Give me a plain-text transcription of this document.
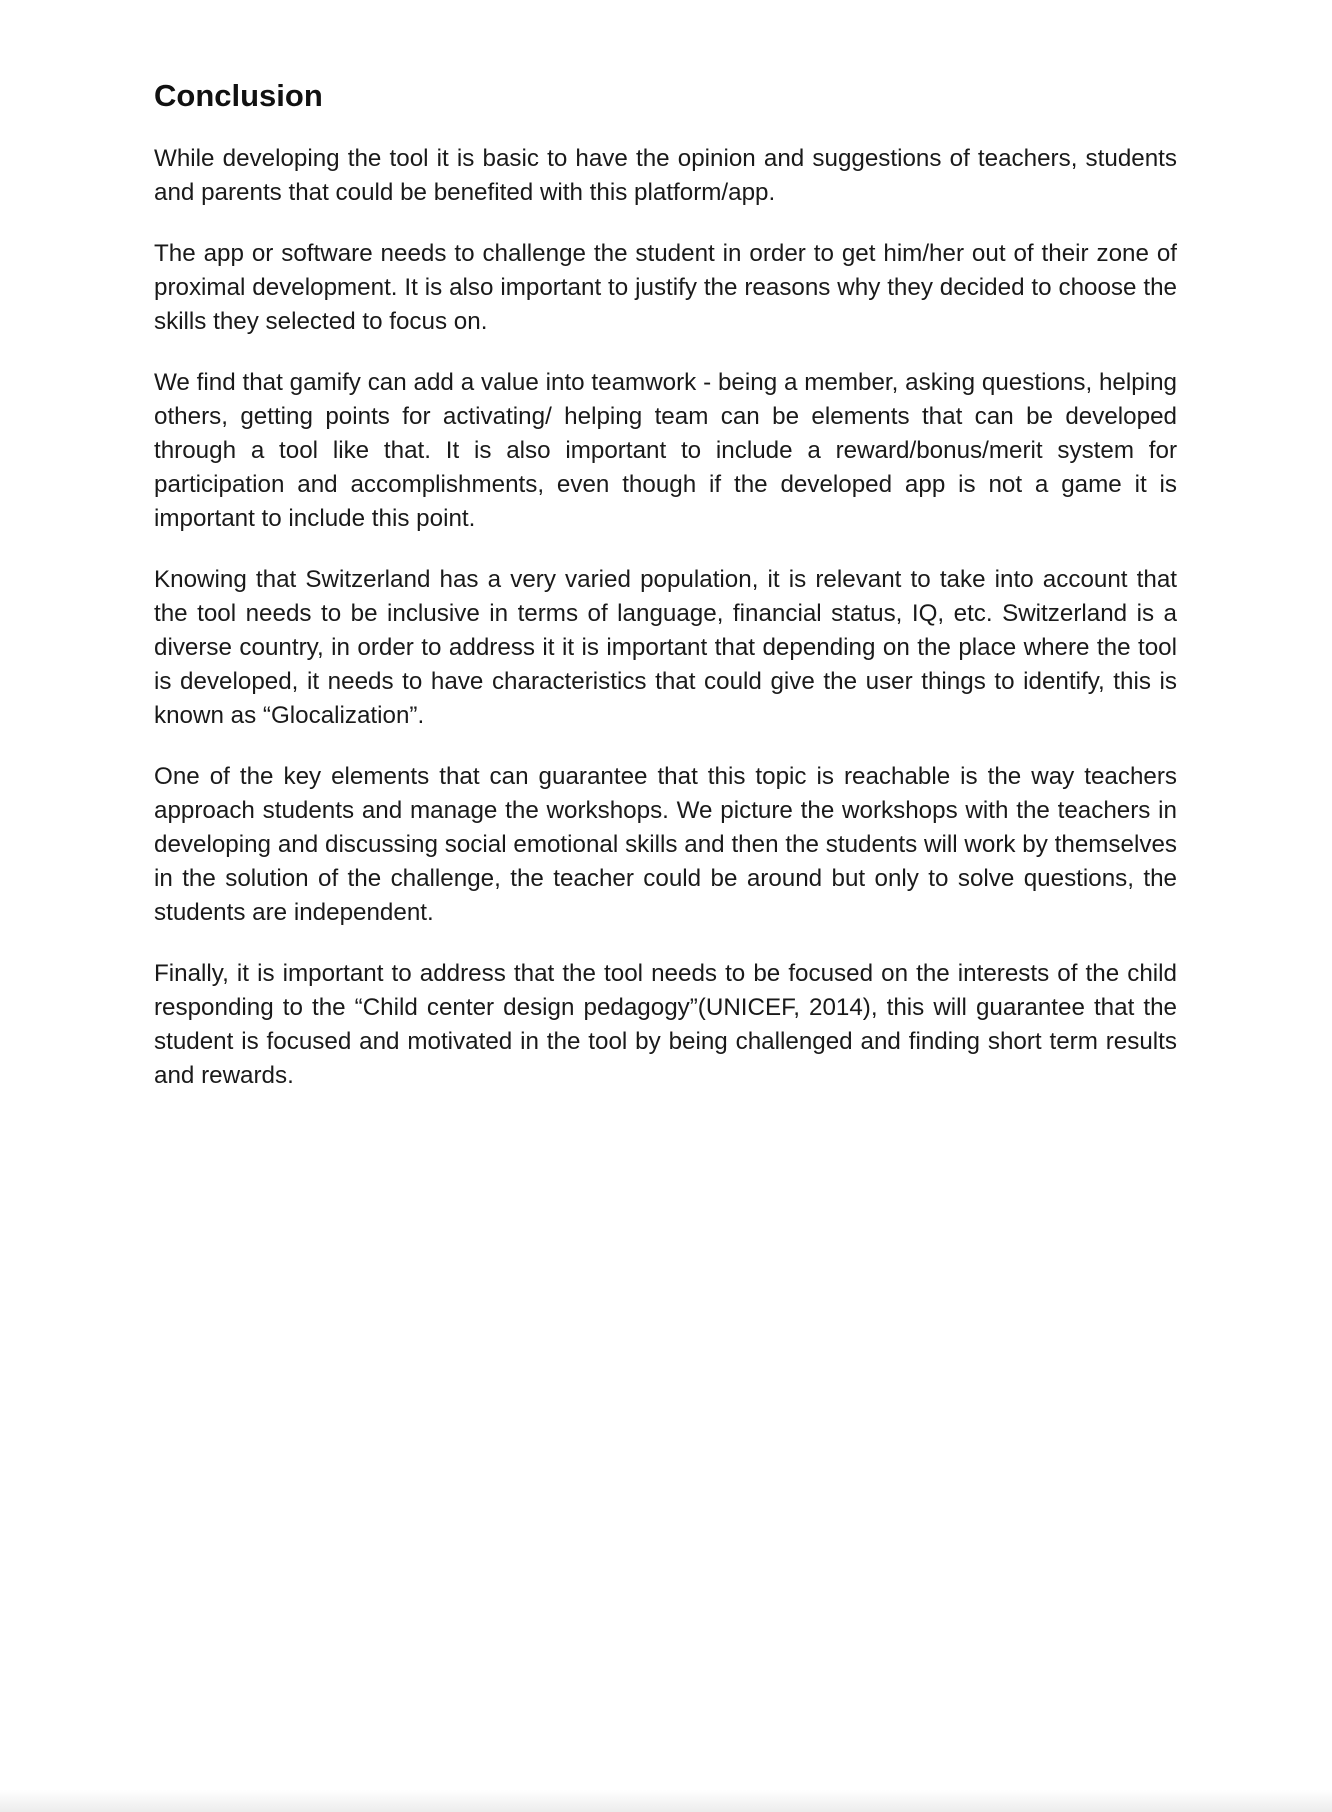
Conclusion

While developing the tool it is basic to have the opinion and suggestions of teachers, students and parents that could be benefited with this platform/app.

The app or software needs to challenge the student in order to get him/her out of their zone of proximal development. It is also important to justify the reasons why they decided to choose the skills they selected to focus on.

We find that gamify can add a value into teamwork - being a member, asking questions, helping others, getting points for activating/ helping team can be elements that can be developed through a tool like that. It is also important to include a reward/bonus/merit system for participation and accomplishments, even though if the developed app is not a game it is important to include this point.

Knowing that Switzerland has a very varied population, it is relevant to take into account that the tool needs to be inclusive in terms of language, financial status, IQ, etc. Switzerland is a diverse country, in order to address it it is important that depending on the place where the tool is developed, it needs to have characteristics that could give the user things to identify, this is known as “Glocalization”.

One of the key elements that can guarantee that this topic is reachable is the way teachers approach students and manage the workshops. We picture the workshops with the teachers in developing and discussing social emotional skills and then the students will work by themselves in the solution of the challenge, the teacher could be around but only to solve questions, the students are independent.

Finally, it is important to address that the tool needs to be focused on the interests of the child responding to the “Child center design pedagogy”(UNICEF, 2014), this will guarantee that the student is focused and motivated in the tool by being challenged and finding short term results and rewards.
